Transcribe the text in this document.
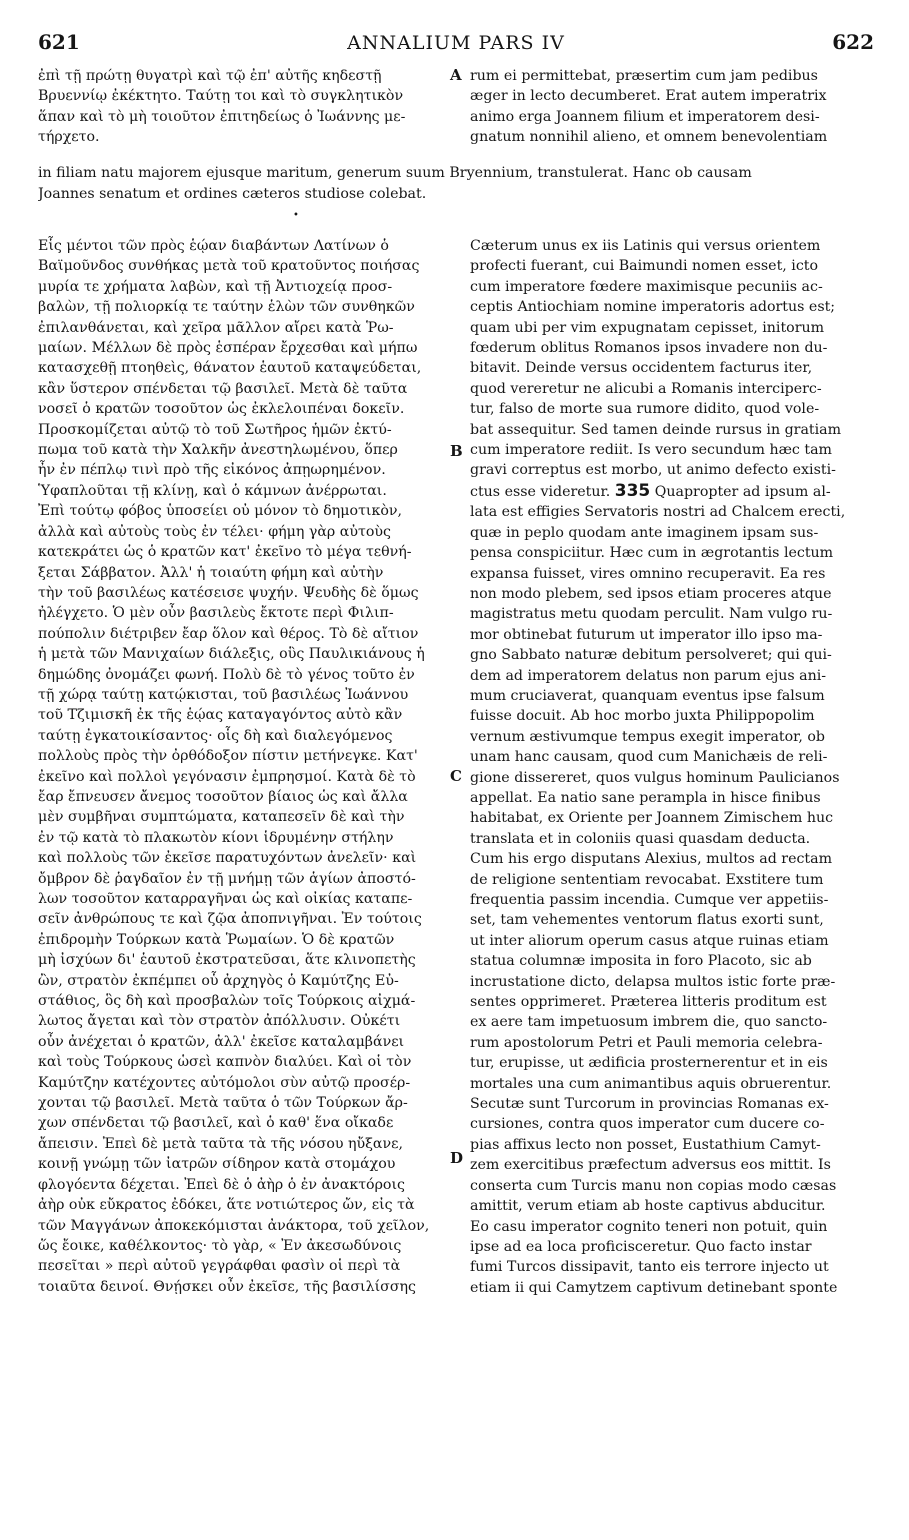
621	ANNALIUM PARS IV	622
ἐπὶ τῇ πρώτῃ θυγατρὶ καὶ τῷ ἐπ' αὐτῆς κηδεστῇ
Βρυεννίῳ ἐκέκτητο. Ταύτῃ τοι καὶ τὸ συγκλητικὸν
ἅπαν καὶ τὸ μὴ τοιοῦτον ἐπιτηδείως ὁ Ἰωάννης με-
τήρχετο.
rum ei permittebat, præsertim cum jam pedibus
æger in lecto decumberet. Erat autem imperatrix
animo erga Joannem filium et imperatorem desi-
gnatum nonnihil alieno, et omnem benevolentiam
in filiam natu majorem ejusque maritum, generum suum Bryennium, transtulerat. Hanc ob causam
Joannes senatum et ordines cæteros studiose colebat.
•
Εἷς μέντοι τῶν πρὸς ἑῴαν διαβάντων Λατίνων ὁ
Βαϊμοῦνδος συνθήκας μετὰ τοῦ κρατοῦντος ποιήσας
μυρία τε χρήματα λαβὼν, καὶ τῇ Ἀντιοχείᾳ προσ-
βαλὼν, τῇ πολιορκίᾳ τε ταύτην ἑλὼν τῶν συνθηκῶν
ἐπιλανθάνεται, καὶ χεῖρα μᾶλλον αἴρει κατὰ Ῥω-
μαίων. Μέλλων δὲ πρὸς ἑσπέραν ἔρχεσθαι καὶ μήπω
κατασχεθῇ πτοηθεὶς, θάνατον ἑαυτοῦ καταψεύδεται,
κἂν ὕστερον σπένδεται τῷ βασιλεῖ. Μετὰ δὲ ταῦτα
νοσεῖ ὁ κρατῶν τοσοῦτον ὡς ἐκλελοιπέναι δοκεῖν.
Προσκομίζεται αὐτῷ τὸ τοῦ Σωτῆρος ἡμῶν ἐκτύ-
πωμα τοῦ κατὰ τὴν Χαλκῆν ἀνεστηλωμένου, ὅπερ
ἦν ἐν πέπλῳ τινὶ πρὸ τῆς εἰκόνος ἀπῃωρημένον.
Ὑφαπλοῦται τῇ κλίνῃ, καὶ ὁ κάμνων ἀνέρρωται.
Ἐπὶ τούτῳ φόβος ὑποσείει οὐ μόνον τὸ δημοτικὸν,
ἀλλὰ καὶ αὐτοὺς τοὺς ἐν τέλει· φήμη γὰρ αὐτοὺς
κατεκράτει ὡς ὁ κρατῶν κατ' ἐκεῖνο τὸ μέγα τεθνή-
ξεται Σάββατον. Ἀλλ' ἡ τοιαύτη φήμη καὶ αὐτὴν
τὴν τοῦ βασιλέως κατέσεισε ψυχήν. Ψευδὴς δὲ ὅμως
ἠλέγχετο. Ὁ μὲν οὖν βασιλεὺς ἔκτοτε περὶ Φιλιπ-
πούπολιν διέτριβεν ἔαρ ὅλον καὶ θέρος. Τὸ δὲ αἴτιον
ἡ μετὰ τῶν Μανιχαίων διάλεξις, οὓς Παυλικιάνους ἡ
δημώδης ὀνομάζει φωνή. Πολὺ δὲ τὸ γένος τοῦτο ἐν
τῇ χώρᾳ ταύτῃ κατῴκισται, τοῦ βασιλέως Ἰωάννου
τοῦ Τζιμισκῆ ἐκ τῆς ἑῴας καταγαγόντος αὐτὸ κἂν
ταύτῃ ἐγκατοικίσαντος· οἷς δὴ καὶ διαλεγόμενος
πολλοὺς πρὸς τὴν ὀρθόδοξον πίστιν μετήνεγκε. Κατ'
ἐκεῖνο καὶ πολλοὶ γεγόνασιν ἐμπρησμοί. Κατὰ δὲ τὸ
ἔαρ ἔπνευσεν ἄνεμος τοσοῦτον βίαιος ὡς καὶ ἄλλα
μὲν συμβῆναι συμπτώματα, καταπεσεῖν δὲ καὶ τὴν
ἐν τῷ κατὰ τὸ πλακωτὸν κίονι ἱδρυμένην στήλην
καὶ πολλοὺς τῶν ἐκεῖσε παρατυχόντων ἀνελεῖν· καὶ
ὄμβρον δὲ ῥαγδαῖον ἐν τῇ μνήμῃ τῶν ἁγίων ἀποστό-
λων τοσοῦτον καταρραγῆναι ὡς καὶ οἰκίας καταπε-
σεῖν ἀνθρώπους τε καὶ ζῷα ἀποπνιγῆναι. Ἐν τούτοις
ἐπιδρομὴν Τούρκων κατὰ Ῥωμαίων. Ὁ δὲ κρατῶν
μὴ ἰσχύων δι' ἑαυτοῦ ἐκστρατεῦσαι, ἅτε κλινοπετὴς
ὢν, στρατὸν ἐκπέμπει οὗ ἀρχηγὸς ὁ Καμύτζης Εὐ-
στάθιος, ὃς δὴ καὶ προσβαλὼν τοῖς Τούρκοις αἰχμά-
λωτος ἄγεται καὶ τὸν στρατὸν ἀπόλλυσιν. Οὐκέτι
οὖν ἀνέχεται ὁ κρατῶν, ἀλλ' ἐκεῖσε καταλαμβάνει
καὶ τοὺς Τούρκους ὡσεὶ καπνὸν διαλύει. Καὶ οἱ τὸν
Καμύτζην κατέχοντες αὐτόμολοι σὺν αὐτῷ προσέρ-
χονται τῷ βασιλεῖ. Μετὰ ταῦτα ὁ τῶν Τούρκων ἄρ-
χων σπένδεται τῷ βασιλεῖ, καὶ ὁ καθ' ἕνα οἴκαδε
ἄπεισιν. Ἐπεὶ δὲ μετὰ ταῦτα τὰ τῆς νόσου ηὔξανε,
κοινῇ γνώμῃ τῶν ἰατρῶν σίδηρον κατὰ στομάχου
φλογόεντα δέχεται. Ἐπεὶ δὲ ὁ ἀὴρ ὁ ἐν ἀνακτόροις
ἀὴρ οὐκ εὔκρατος ἐδόκει, ἅτε νοτιώτερος ὤν, εἰς τὰ
τῶν Μαγγάνων ἀποκεκόμισται ἀνάκτορα, τοῦ χεῖλον,
ὥς ἔοικε, καθέλκοντος· τὸ γὰρ, « Ἐν ἀκεσωδύνοις
πεσεῖται » περὶ αὐτοῦ γεγράφθαι φασὶν οἱ περὶ τὰ
τοιαῦτα δεινοί. Θνῄσκει οὖν ἐκεῖσε, τῆς βασιλίσσης
Cæterum unus ex iis Latinis qui versus orientem
profecti fuerant, cui Baimundi nomen esset, icto
cum imperatore fœdere maximisque pecuniis ac-
ceptis Antiochiam nomine imperatoris adortus est;
quam ubi per vim expugnatam cepisset, initorum
fœderum oblitus Romanos ipsos invadere non du-
bitavit. Deinde versus occidentem facturus iter,
quod vereretur ne alicubi a Romanis interciperc-
tur, falso de morte sua rumore didito, quod vole-
bat assequitur. Sed tamen deinde rursus in gratiam
cum imperatore rediit. Is vero secundum hæc tam
gravi correptus est morbo, ut animo defecto existi-
ctus esse videretur. 335 Quapropter ad ipsum al-
lata est effigies Servatoris nostri ad Chalcem erecti,
quæ in peplo quodam ante imaginem ipsam sus-
pensa conspiciitur. Hæc cum in ægrotantis lectum
expansa fuisset, vires omnino recuperavit. Ea res
non modo plebem, sed ipsos etiam proceres atque
magistratus metu quodam perculit. Nam vulgo ru-
mor obtinebat futurum ut imperator illo ipso ma-
gno Sabbato naturæ debitum persolveret; qui qui-
dem ad imperatorem delatus non parum ejus ani-
mum cruciaverat, quanquam eventus ipse falsum
fuisse docuit. Ab hoc morbo juxta Philippopolim
vernum æstivumque tempus exegit imperator, ob
unam hanc causam, quod cum Manichæis de reli-
gione dissereret, quos vulgus hominum Paulicianos
appellat. Ea natio sane perampla in hisce finibus
habitabat, ex Oriente per Joannem Zimischem huc
translata et in coloniis quasi quasdam deducta.
Cum his ergo disputans Alexius, multos ad rectam
de religione sententiam revocabat. Exstitere tum
frequentia passim incendia. Cumque ver appetiis-
set, tam vehementes ventorum flatus exorti sunt,
ut inter aliorum operum casus atque ruinas etiam
statua columnæ imposita in foro Placoto, sic ab
incrustatione dicto, delapsa multos istic forte præ-
sentes opprimeret. Præterea litteris proditum est
ex aere tam impetuosum imbrem die, quo sancto-
rum apostolorum Petri et Pauli memoria celebra-
tur, erupisse, ut ædificia prosternerentur et in eis
mortales una cum animantibus aquis obruerentur.
Secutæ sunt Turcorum in provincias Romanas ex-
cursiones, contra quos imperator cum ducere co-
pias affixus lecto non posset, Eustathium Camyt-
zem exercitibus præfectum adversus eos mittit. Is
conserta cum Turcis manu non copias modo cæsas
amittit, verum etiam ab hoste captivus abducitur.
Eo casu imperator cognito teneri non potuit, quin
ipse ad ea loca proficisceretur. Quo facto instar
fumi Turcos dissipavit, tanto eis terrore injecto ut
etiam ii qui Camytzem captivum detinebant sponte
A
B
C
D
